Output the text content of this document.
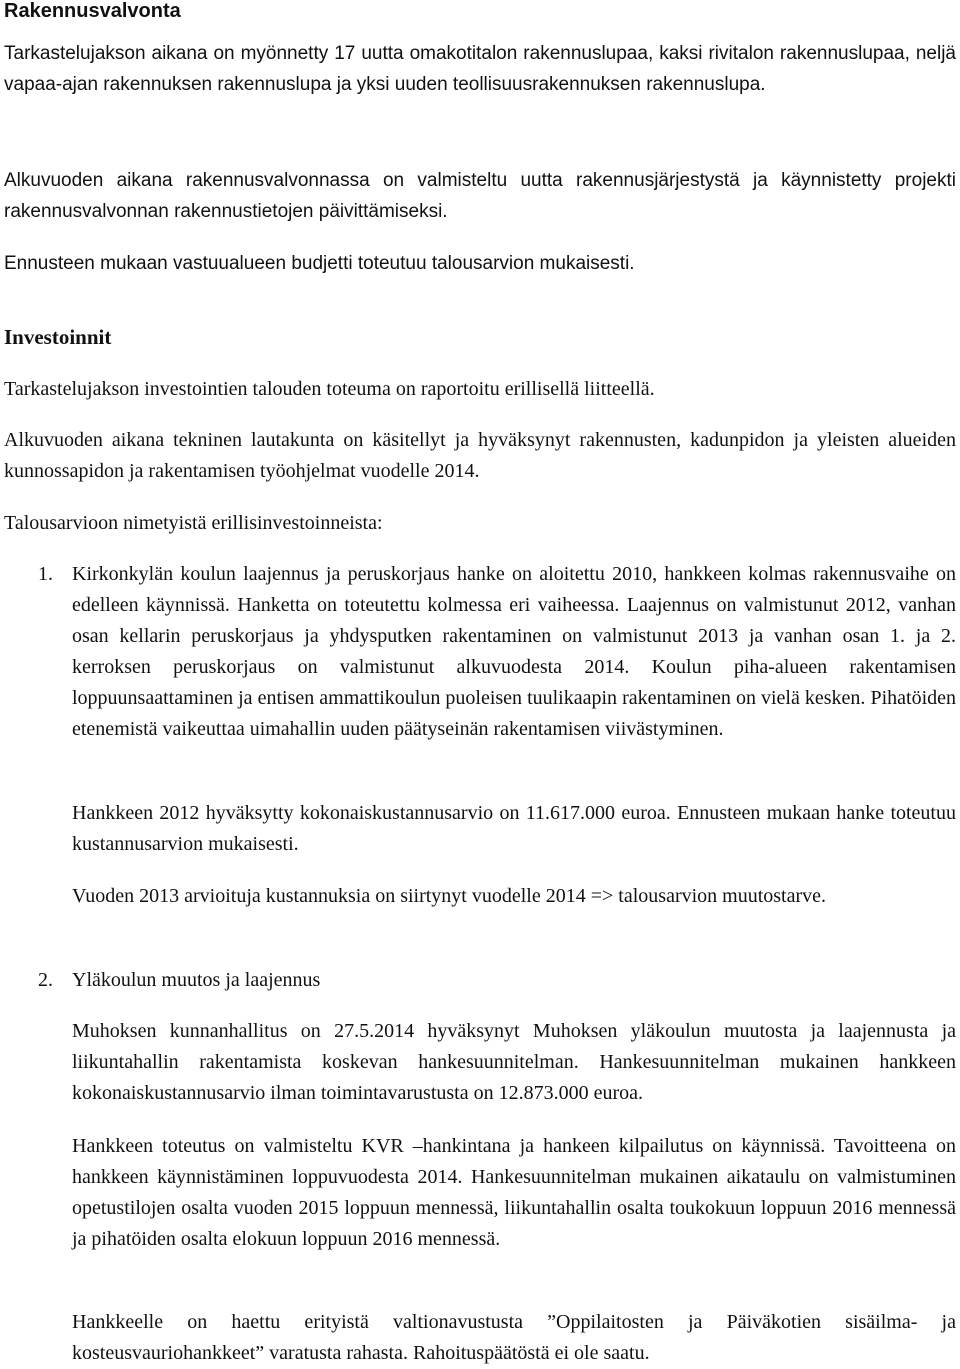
Rakennusvalvonta

Tarkastelujakson aikana on myönnetty 17 uutta omakotitalon rakennuslupaa, kaksi rivitalon rakennuslupaa, neljä vapaa-ajan rakennuksen rakennuslupa ja yksi uuden teollisuusrakennuksen rakennuslupa.

Alkuvuoden aikana rakennusvalvonnassa on valmisteltu uutta rakennusjärjestystä ja käynnistetty projekti rakennusvalvonnan rakennustietojen päivittämiseksi.

Ennusteen mukaan vastuualueen budjetti toteutuu talousarvion mukaisesti.

Investoinnit

Tarkastelujakson investointien talouden toteuma on raportoitu erillisellä liitteellä.

Alkuvuoden aikana tekninen lautakunta on käsitellyt ja hyväksynyt rakennusten, kadunpidon ja yleisten alueiden kunnossapidon ja rakentamisen työohjelmat vuodelle 2014.

Talousarvioon nimetyistä erillisinvestoinneista:

1. Kirkonkylän koulun laajennus ja peruskorjaus hanke on aloitettu 2010, hankkeen kolmas rakennusvaihe on edelleen käynnissä. Hanketta on toteutettu kolmessa eri vaiheessa. Laajennus on valmistunut 2012, vanhan osan kellarin peruskorjaus ja yhdysputken rakentaminen on valmistunut 2013 ja vanhan osan 1. ja 2. kerroksen peruskorjaus on valmistunut alkuvuodesta 2014. Koulun piha-alueen rakentamisen loppuunsaattaminen ja entisen ammattikoulun puoleisen tuulikaapin rakentaminen on vielä kesken. Pihatöiden etenemistä vaikeuttaa uimahallin uuden päätyseinän rakentamisen viivästyminen.

Hankkeen 2012 hyväksytty kokonaiskustannusarvio on 11.617.000 euroa. Ennusteen mukaan hanke toteutuu kustannusarvion mukaisesti.

Vuoden 2013 arvioituja kustannuksia on siirtynyt vuodelle 2014 => talousarvion muutostarve.

2. Yläkoulun muutos ja laajennus

Muhoksen kunnanhallitus on 27.5.2014 hyväksynyt Muhoksen yläkoulun muutosta ja laajennusta ja liikuntahallin rakentamista koskevan hankesuunnitelman. Hankesuunnitelman mukainen hankkeen kokonaiskustannusarvio ilman toimintavarustusta on 12.873.000 euroa.

Hankkeen toteutus on valmisteltu KVR –hankintana ja hankeen kilpailutus on käynnissä. Tavoitteena on hankkeen käynnistäminen loppuvuodesta 2014. Hankesuunnitelman mukainen aikataulu on valmistuminen opetustilojen osalta vuoden 2015 loppuun mennessä, liikuntahallin osalta toukokuun loppuun 2016 mennessä ja pihatöiden osalta elokuun loppuun 2016 mennessä.

Hankkeelle on haettu erityistä valtionavustusta ”Oppilaitosten ja Päiväkotien sisäilma- ja kosteusvauriohankkeet” varatusta rahasta. Rahoituspäätöstä ei ole saatu.
